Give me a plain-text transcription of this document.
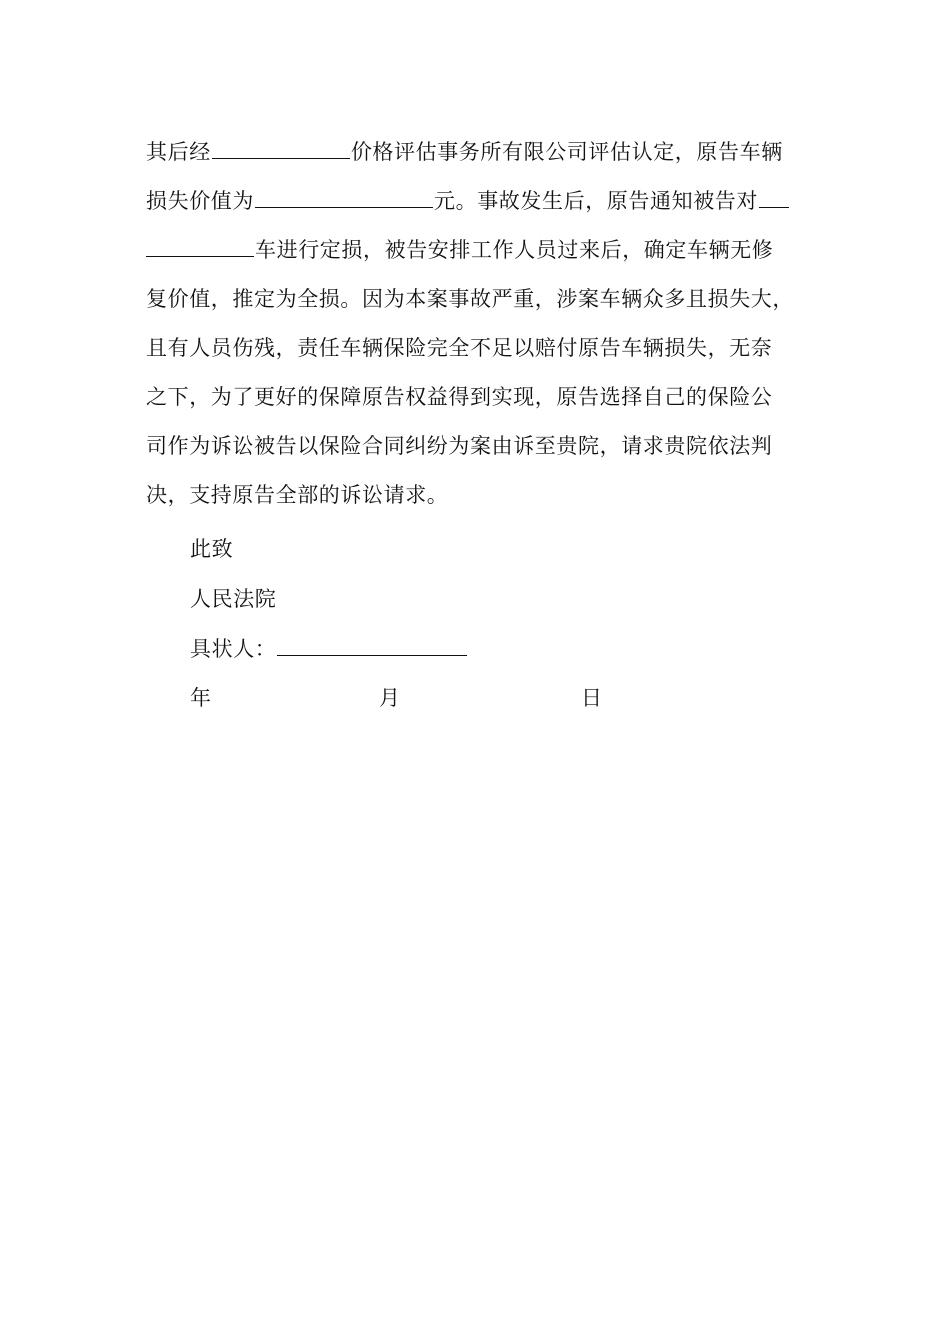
其后经	价格评估事务所有限公司评估认定，原告车辆
损失价值为	元。事故发生后，原告通知被告对
车进行定损，被告安排工作人员过来后，确定车辆无修
复价值，推定为全损。因为本案事故严重，涉案车辆众多且损失大，
且有人员伤残，责任车辆保险完全不足以赔付原告车辆损失，无奈
之下，为了更好的保障原告权益得到实现，原告选择自己的保险公
司作为诉讼被告以保险合同纠纷为案由诉至贵院，请求贵院依法判
决，支持原告全部的诉讼请求。
此致
人民法院
具状人：
年	月	日
